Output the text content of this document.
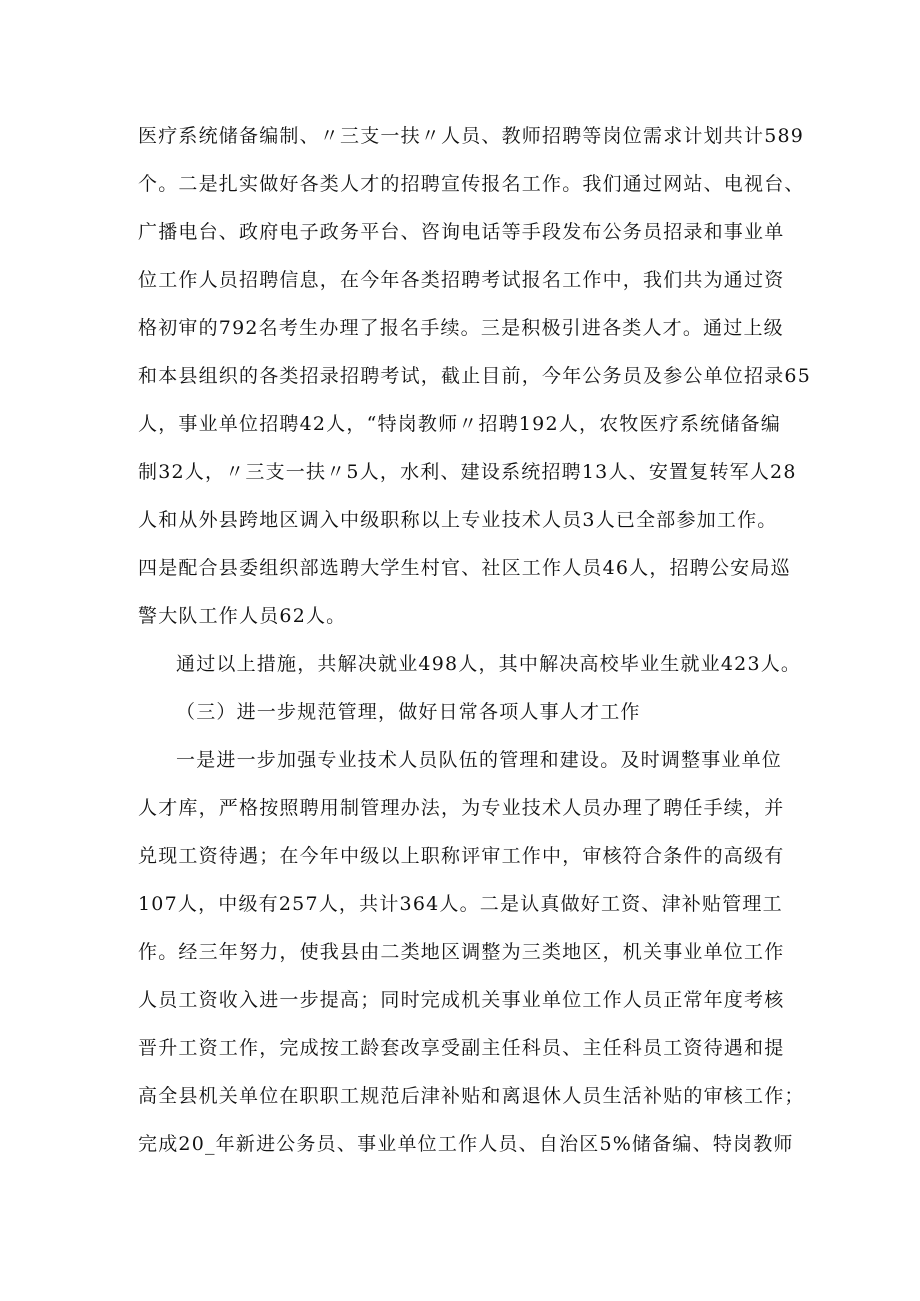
医疗系统储备编制、〃三支一扶〃人员、教师招聘等岗位需求计划共计589
个。二是扎实做好各类人才的招聘宣传报名工作。我们通过网站、电视台、
广播电台、政府电子政务平台、咨询电话等手段发布公务员招录和事业单
位工作人员招聘信息，在今年各类招聘考试报名工作中，我们共为通过资
格初审的792名考生办理了报名手续。三是积极引进各类人才。通过上级
和本县组织的各类招录招聘考试，截止目前，今年公务员及参公单位招录65
人，事业单位招聘42人，“特岗教师〃招聘192人，农牧医疗系统储备编
制32人，〃三支一扶〃5人，水利、建设系统招聘13人、安置复转军人28
人和从外县跨地区调入中级职称以上专业技术人员3人已全部参加工作。
四是配合县委组织部选聘大学生村官、社区工作人员46人，招聘公安局巡
警大队工作人员62人。
通过以上措施，共解决就业498人，其中解决高校毕业生就业423人。
（三）进一步规范管理，做好日常各项人事人才工作
一是进一步加强专业技术人员队伍的管理和建设。及时调整事业单位
人才库，严格按照聘用制管理办法，为专业技术人员办理了聘任手续，并
兑现工资待遇；在今年中级以上职称评审工作中，审核符合条件的高级有
107人，中级有257人，共计364人。二是认真做好工资、津补贴管理工
作。经三年努力，使我县由二类地区调整为三类地区，机关事业单位工作
人员工资收入进一步提高；同时完成机关事业单位工作人员正常年度考核
晋升工资工作，完成按工龄套改享受副主任科员、主任科员工资待遇和提
高全县机关单位在职职工规范后津补贴和离退休人员生活补贴的审核工作；
完成20_年新进公务员、事业单位工作人员、自治区5%储备编、特岗教师
